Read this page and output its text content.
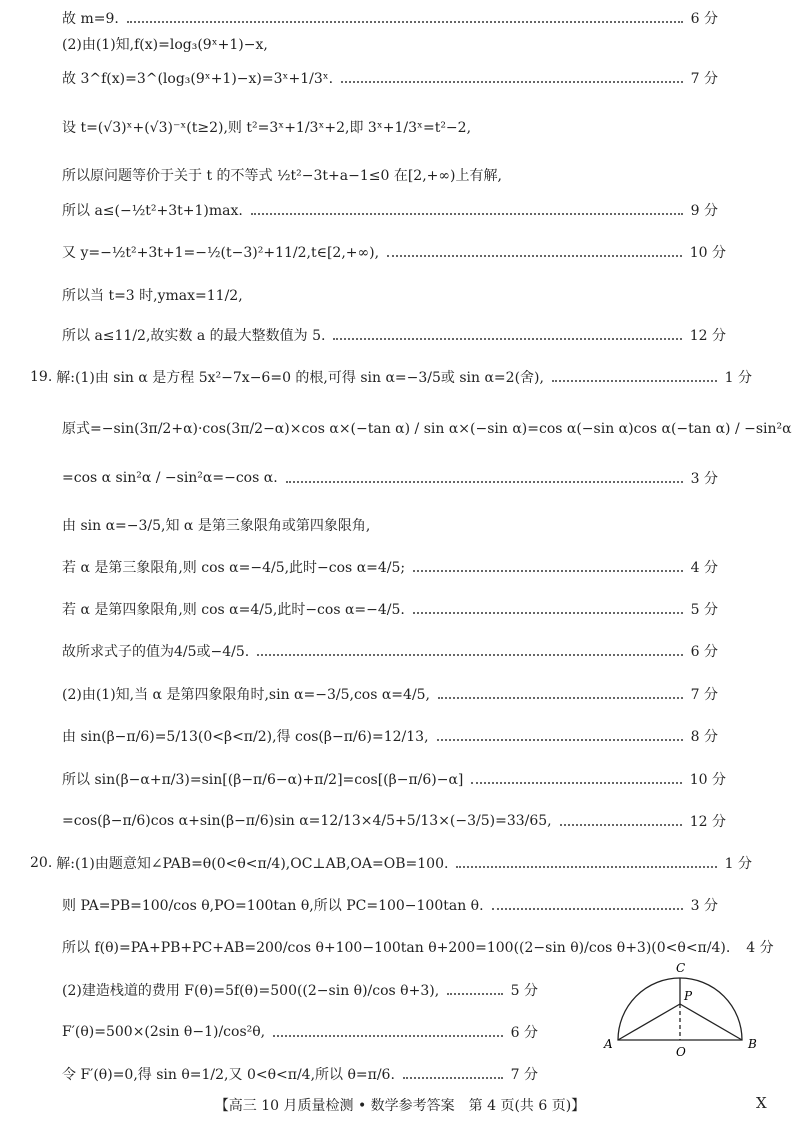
故 m=9.	6 分
(2)由(1)知,f(x)=log₃(9ˣ+1)−x,
故 3^f(x)=3^(log₃(9ˣ+1)−x)=3ˣ+1/3ˣ.	7 分
设 t=(√3)ˣ+(√3)⁻ˣ(t≥2),则 t²=3ˣ+1/3ˣ+2,即 3ˣ+1/3ˣ=t²−2,
所以原问题等价于关于 t 的不等式 ½t²−3t+a−1≤0 在[2,+∞)上有解,
所以 a≤(−½t²+3t+1)max.	9 分
又 y=−½t²+3t+1=−½(t−3)²+11/2,t∈[2,+∞),	10 分
所以当 t=3 时,ymax=11/2,
所以 a≤11/2,故实数 a 的最大整数值为 5.	12 分
19. 解:(1)由 sin α 是方程 5x²−7x−6=0 的根,可得 sin α=−3/5或 sin α=2(舍),	1 分
原式=−sin(3π/2+α)·cos(3π/2−α)×cos α×(−tan α) / sin α×(−sin α)=cos α(−sin α)cos α(−tan α) / −sin²α
=cos α sin²α / −sin²α=−cos α.	3 分
由 sin α=−3/5,知 α 是第三象限角或第四象限角,
若 α 是第三象限角,则 cos α=−4/5,此时−cos α=4/5;	4 分
若 α 是第四象限角,则 cos α=4/5,此时−cos α=−4/5.	5 分
故所求式子的值为4/5或−4/5.	6 分
(2)由(1)知,当 α 是第四象限角时,sin α=−3/5,cos α=4/5,	7 分
由 sin(β−π/6)=5/13(0<β<π/2),得 cos(β−π/6)=12/13,	8 分
所以 sin(β−α+π/3)=sin[(β−π/6−α)+π/2]=cos[(β−π/6)−α]	10 分
=cos(β−π/6)cos α+sin(β−π/6)sin α=12/13×4/5+5/13×(−3/5)=33/65,	12 分
20. 解:(1)由题意知∠PAB=θ(0<θ<π/4),OC⊥AB,OA=OB=100.	1 分
则 PA=PB=100/cos θ,PO=100tan θ,所以 PC=100−100tan θ.	3 分
所以 f(θ)=PA+PB+PC+AB=200/cos θ+100−100tan θ+200=100((2−sin θ)/cos θ+3)(0<θ<π/4). 4 分
(2)建造栈道的费用 F(θ)=5f(θ)=500((2−sin θ)/cos θ+3),	5 分
F′(θ)=500×(2sin θ−1)/cos²θ,	6 分
令 F′(θ)=0,得 sin θ=1/2,又 0<θ<π/4,所以 θ=π/6.	7 分
C
P
A	B
O
【高三 10 月质量检测 • 数学参考答案　第 4 页(共 6 页)】	X
